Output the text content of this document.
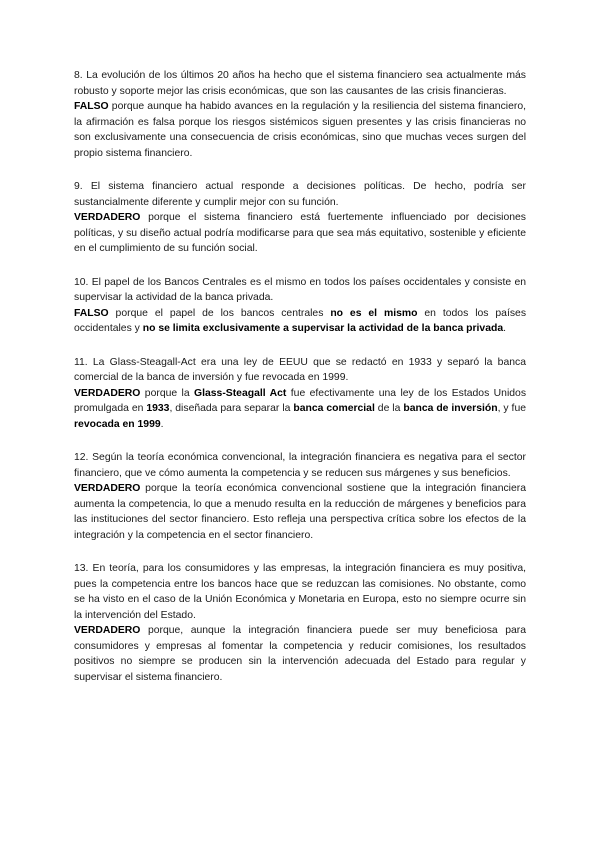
8. La evolución de los últimos 20 años ha hecho que el sistema financiero sea actualmente más robusto y soporte mejor las crisis económicas, que son las causantes de las crisis financieras.

FALSO porque aunque ha habido avances en la regulación y la resiliencia del sistema financiero, la afirmación es falsa porque los riesgos sistémicos siguen presentes y las crisis financieras no son exclusivamente una consecuencia de crisis económicas, sino que muchas veces surgen del propio sistema financiero.

9. El sistema financiero actual responde a decisiones políticas. De hecho, podría ser sustancialmente diferente y cumplir mejor con su función.

VERDADERO porque el sistema financiero está fuertemente influenciado por decisiones políticas, y su diseño actual podría modificarse para que sea más equitativo, sostenible y eficiente en el cumplimiento de su función social.

10. El papel de los Bancos Centrales es el mismo en todos los países occidentales y consiste en supervisar la actividad de la banca privada.

FALSO porque el papel de los bancos centrales no es el mismo en todos los países occidentales y no se limita exclusivamente a supervisar la actividad de la banca privada.

11. La Glass-Steagall-Act era una ley de EEUU que se redactó en 1933 y separó la banca comercial de la banca de inversión y fue revocada en 1999.

VERDADERO porque la Glass-Steagall Act fue efectivamente una ley de los Estados Unidos promulgada en 1933, diseñada para separar la banca comercial de la banca de inversión, y fue revocada en 1999.

12. Según la teoría económica convencional, la integración financiera es negativa para el sector financiero, que ve cómo aumenta la competencia y se reducen sus márgenes y sus beneficios.

VERDADERO porque la teoría económica convencional sostiene que la integración financiera aumenta la competencia, lo que a menudo resulta en la reducción de márgenes y beneficios para las instituciones del sector financiero. Esto refleja una perspectiva crítica sobre los efectos de la integración y la competencia en el sector financiero.

13. En teoría, para los consumidores y las empresas, la integración financiera es muy positiva, pues la competencia entre los bancos hace que se reduzcan las comisiones. No obstante, como se ha visto en el caso de la Unión Económica y Monetaria en Europa, esto no siempre ocurre sin la intervención del Estado.

VERDADERO porque, aunque la integración financiera puede ser muy beneficiosa para consumidores y empresas al fomentar la competencia y reducir comisiones, los resultados positivos no siempre se producen sin la intervención adecuada del Estado para regular y supervisar el sistema financiero.
